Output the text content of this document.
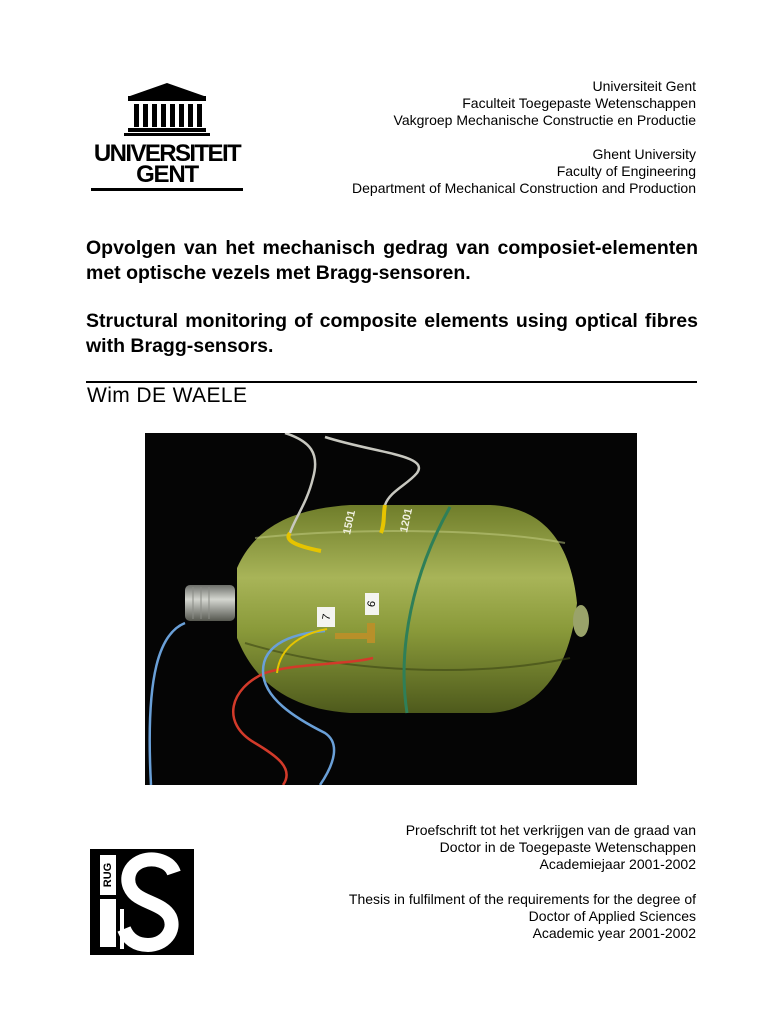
UNIVERSITEIT
GENT
Universiteit Gent
Faculteit Toegepaste Wetenschappen
Vakgroep Mechanische Constructie en Productie
Ghent University
Faculty of Engineering
Department of Mechanical Construction and Production
Opvolgen van het mechanisch gedrag van composiet-elementen met optische vezels met Bragg-sensoren.
Structural monitoring of composite elements using optical fibres with Bragg-sensors.
Wim DE WAELE
1501	1201
7
6
RUG
Proefschrift tot het verkrijgen van de graad van
Doctor in de Toegepaste Wetenschappen
Academiejaar 2001-2002
Thesis in fulfilment of the requirements for the degree of
Doctor of Applied Sciences
Academic year 2001-2002
